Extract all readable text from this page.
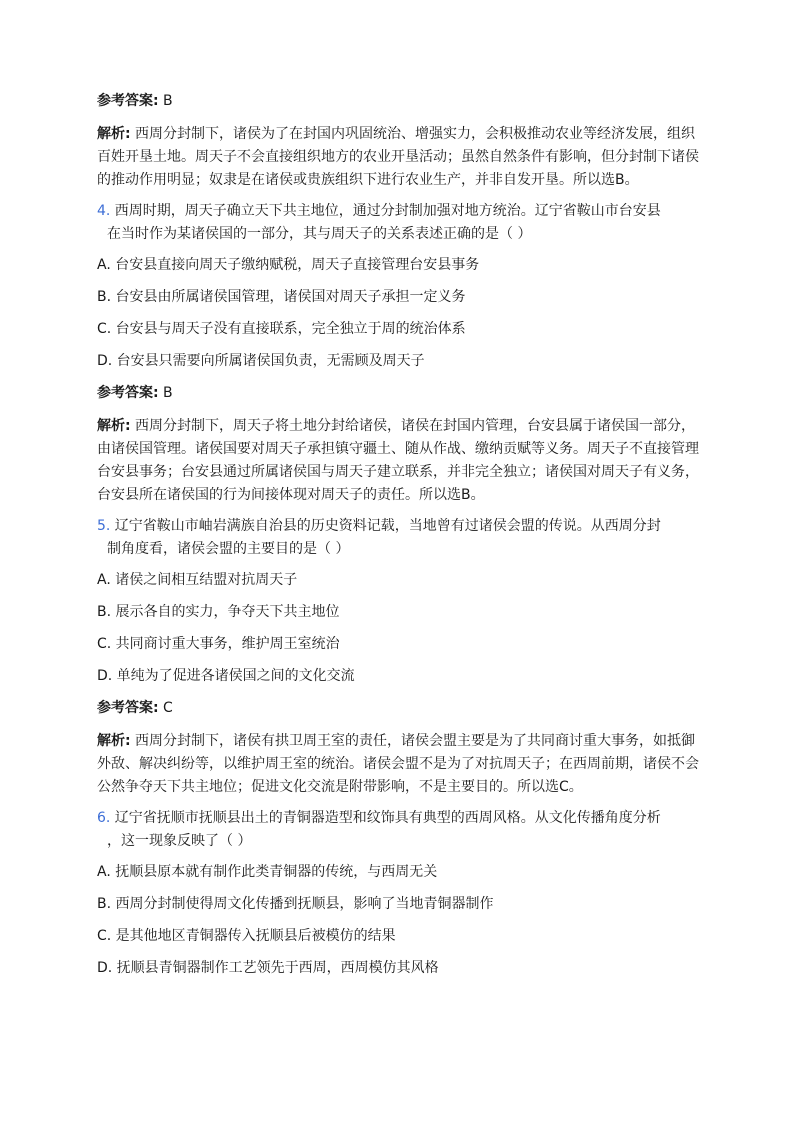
参考答案: B

解析: 西周分封制下，诸侯为了在封国内巩固统治、增强实力，会积极推动农业等经济发展，组织百姓开垦土地。周天子不会直接组织地方的农业开垦活动；虽然自然条件有影响，但分封制下诸侯的推动作用明显；奴隶是在诸侯或贵族组织下进行农业生产，并非自发开垦。所以选B。

4. 西周时期，周天子确立天下共主地位，通过分封制加强对地方统治。辽宁省鞍山市台安县
在当时作为某诸侯国的一部分，其与周天子的关系表述正确的是（ ）

A. 台安县直接向周天子缴纳赋税，周天子直接管理台安县事务

B. 台安县由所属诸侯国管理，诸侯国对周天子承担一定义务

C. 台安县与周天子没有直接联系，完全独立于周的统治体系

D. 台安县只需要向所属诸侯国负责，无需顾及周天子

参考答案: B

解析: 西周分封制下，周天子将土地分封给诸侯，诸侯在封国内管理，台安县属于诸侯国一部分，由诸侯国管理。诸侯国要对周天子承担镇守疆土、随从作战、缴纳贡赋等义务。周天子不直接管理台安县事务；台安县通过所属诸侯国与周天子建立联系，并非完全独立；诸侯国对周天子有义务，台安县所在诸侯国的行为间接体现对周天子的责任。所以选B。

5. 辽宁省鞍山市岫岩满族自治县的历史资料记载，当地曾有过诸侯会盟的传说。从西周分封
制角度看，诸侯会盟的主要目的是（ ）

A. 诸侯之间相互结盟对抗周天子

B. 展示各自的实力，争夺天下共主地位

C. 共同商讨重大事务，维护周王室统治

D. 单纯为了促进各诸侯国之间的文化交流

参考答案: C

解析: 西周分封制下，诸侯有拱卫周王室的责任，诸侯会盟主要是为了共同商讨重大事务，如抵御外敌、解决纠纷等，以维护周王室的统治。诸侯会盟不是为了对抗周天子；在西周前期，诸侯不会公然争夺天下共主地位；促进文化交流是附带影响，不是主要目的。所以选C。

6. 辽宁省抚顺市抚顺县出土的青铜器造型和纹饰具有典型的西周风格。从文化传播角度分析
，这一现象反映了（ ）

A. 抚顺县原本就有制作此类青铜器的传统，与西周无关

B. 西周分封制使得周文化传播到抚顺县，影响了当地青铜器制作

C. 是其他地区青铜器传入抚顺县后被模仿的结果

D. 抚顺县青铜器制作工艺领先于西周，西周模仿其风格
